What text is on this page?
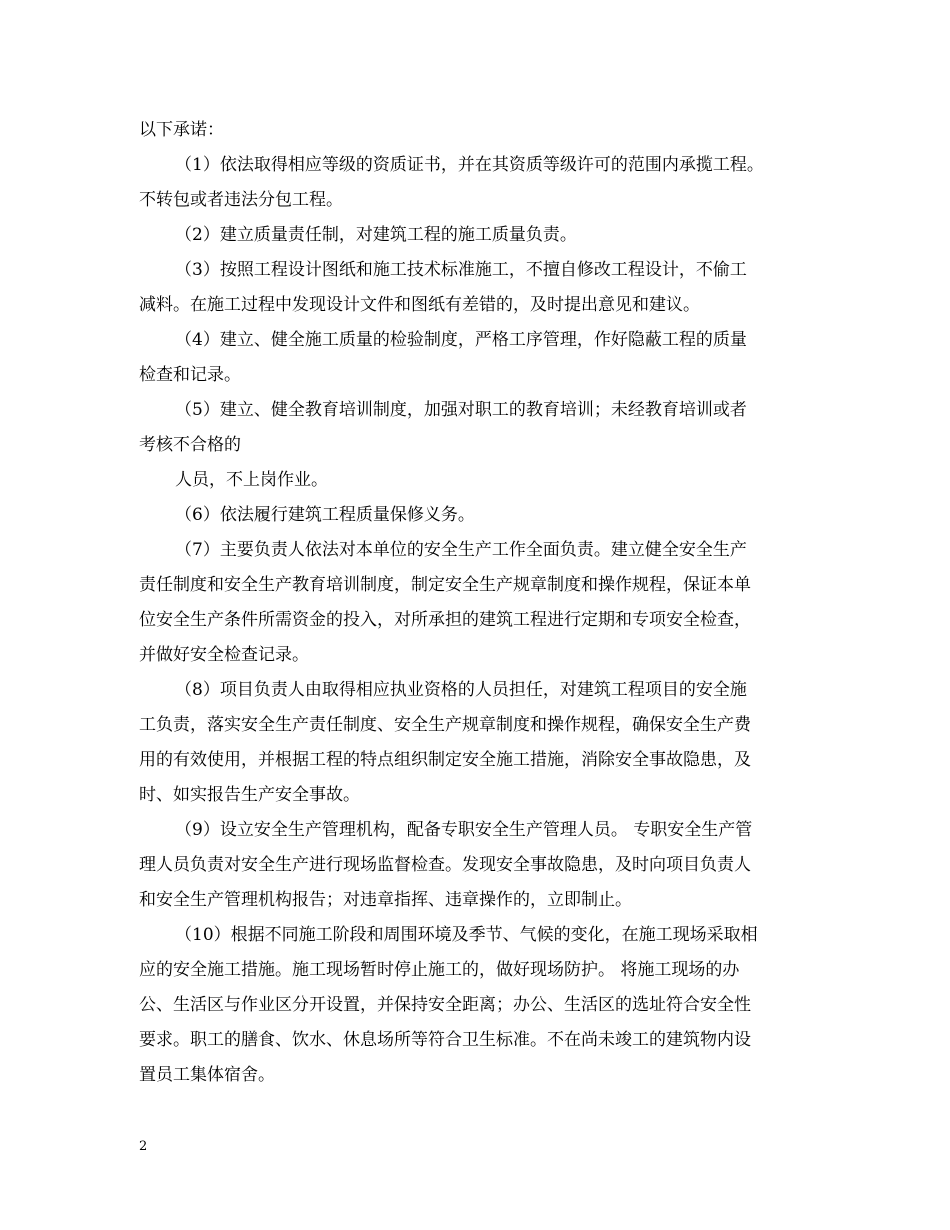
以下承诺：
（1）依法取得相应等级的资质证书，并在其资质等级许可的范围内承揽工程。
不转包或者违法分包工程。
（2）建立质量责任制，对建筑工程的施工质量负责。
（3）按照工程设计图纸和施工技术标准施工，不擅自修改工程设计，不偷工
减料。在施工过程中发现设计文件和图纸有差错的，及时提出意见和建议。
（4）建立、健全施工质量的检验制度，严格工序管理，作好隐蔽工程的质量
检查和记录。
（5）建立、健全教育培训制度，加强对职工的教育培训；未经教育培训或者
考核不合格的
人员，不上岗作业。
（6）依法履行建筑工程质量保修义务。
（7）主要负责人依法对本单位的安全生产工作全面负责。建立健全安全生产
责任制度和安全生产教育培训制度，制定安全生产规章制度和操作规程，保证本单
位安全生产条件所需资金的投入，对所承担的建筑工程进行定期和专项安全检查，
并做好安全检查记录。
（8）项目负责人由取得相应执业资格的人员担任，对建筑工程项目的安全施
工负责，落实安全生产责任制度、安全生产规章制度和操作规程，确保安全生产费
用的有效使用，并根据工程的特点组织制定安全施工措施，消除安全事故隐患，及
时、如实报告生产安全事故。
（9）设立安全生产管理机构，配备专职安全生产管理人员。 专职安全生产管
理人员负责对安全生产进行现场监督检查。发现安全事故隐患，及时向项目负责人
和安全生产管理机构报告；对违章指挥、违章操作的，立即制止。
（10）根据不同施工阶段和周围环境及季节、气候的变化，在施工现场采取相
应的安全施工措施。施工现场暂时停止施工的，做好现场防护。 将施工现场的办
公、生活区与作业区分开设置，并保持安全距离；办公、生活区的选址符合安全性
要求。职工的膳食、饮水、休息场所等符合卫生标准。不在尚未竣工的建筑物内设
置员工集体宿舍。
2
